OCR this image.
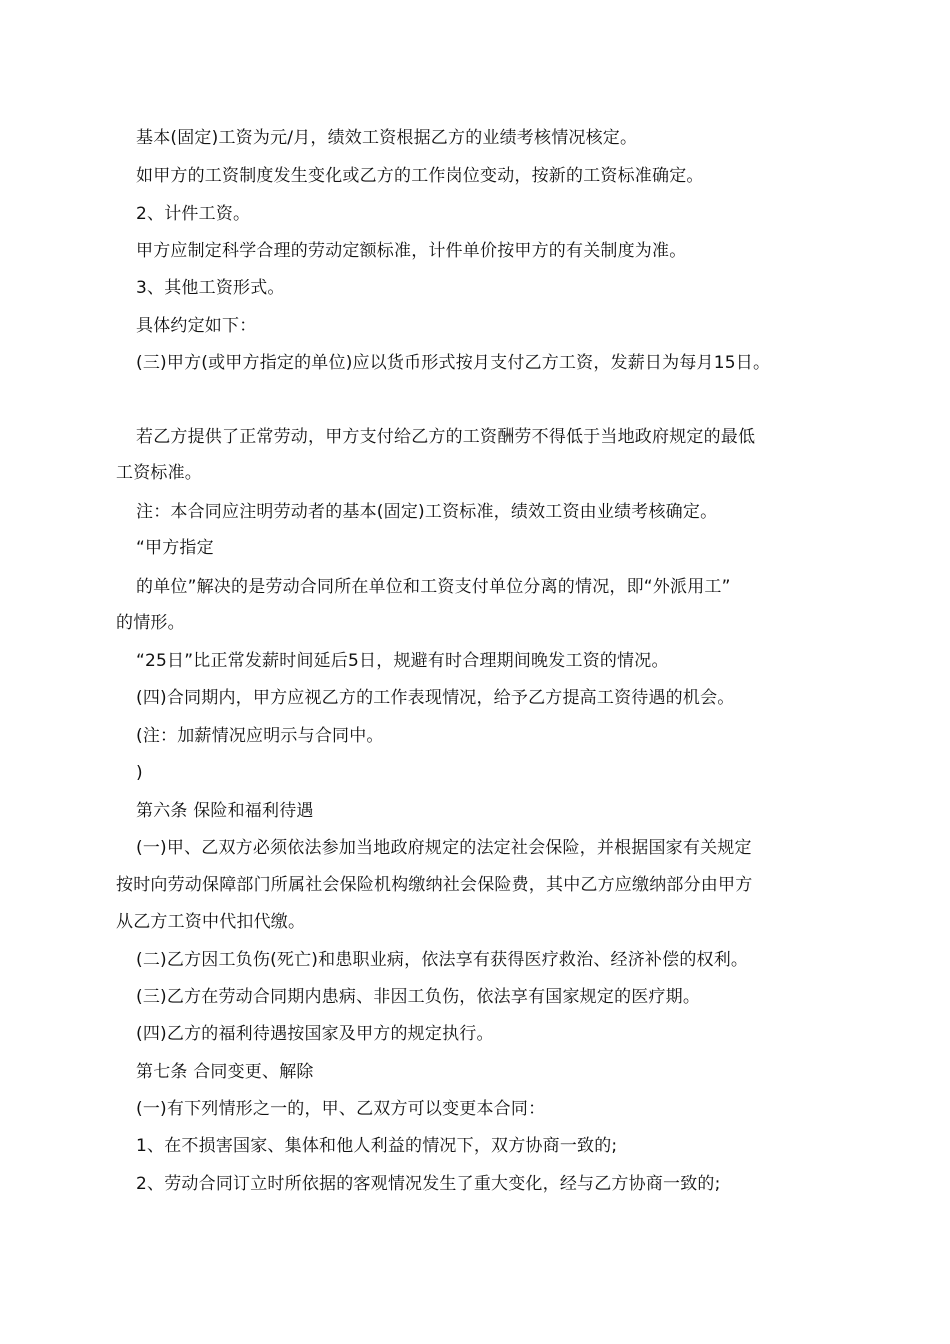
基本(固定)工资为元/月，绩效工资根据乙方的业绩考核情况核定。
如甲方的工资制度发生变化或乙方的工作岗位变动，按新的工资标准确定。
2、计件工资。
甲方应制定科学合理的劳动定额标准，计件单价按甲方的有关制度为准。
3、其他工资形式。
具体约定如下：
(三)甲方(或甲方指定的单位)应以货币形式按月支付乙方工资，发薪日为每月15日。
若乙方提供了正常劳动，甲方支付给乙方的工资酬劳不得低于当地政府规定的最低
工资标准。
注：本合同应注明劳动者的基本(固定)工资标准，绩效工资由业绩考核确定。
“甲方指定
的单位”解决的是劳动合同所在单位和工资支付单位分离的情况，即“外派用工”
的情形。
“25日”比正常发薪时间延后5日，规避有时合理期间晚发工资的情况。
(四)合同期内，甲方应视乙方的工作表现情况，给予乙方提高工资待遇的机会。
(注：加薪情况应明示与合同中。
)
第六条 保险和福利待遇
(一)甲、乙双方必须依法参加当地政府规定的法定社会保险，并根据国家有关规定
按时向劳动保障部门所属社会保险机构缴纳社会保险费，其中乙方应缴纳部分由甲方
从乙方工资中代扣代缴。
(二)乙方因工负伤(死亡)和患职业病，依法享有获得医疗救治、经济补偿的权利。
(三)乙方在劳动合同期内患病、非因工负伤，依法享有国家规定的医疗期。
(四)乙方的福利待遇按国家及甲方的规定执行。
第七条 合同变更、解除
(一)有下列情形之一的，甲、乙双方可以变更本合同：
1、在不损害国家、集体和他人利益的情况下，双方协商一致的;
2、劳动合同订立时所依据的客观情况发生了重大变化，经与乙方协商一致的;
